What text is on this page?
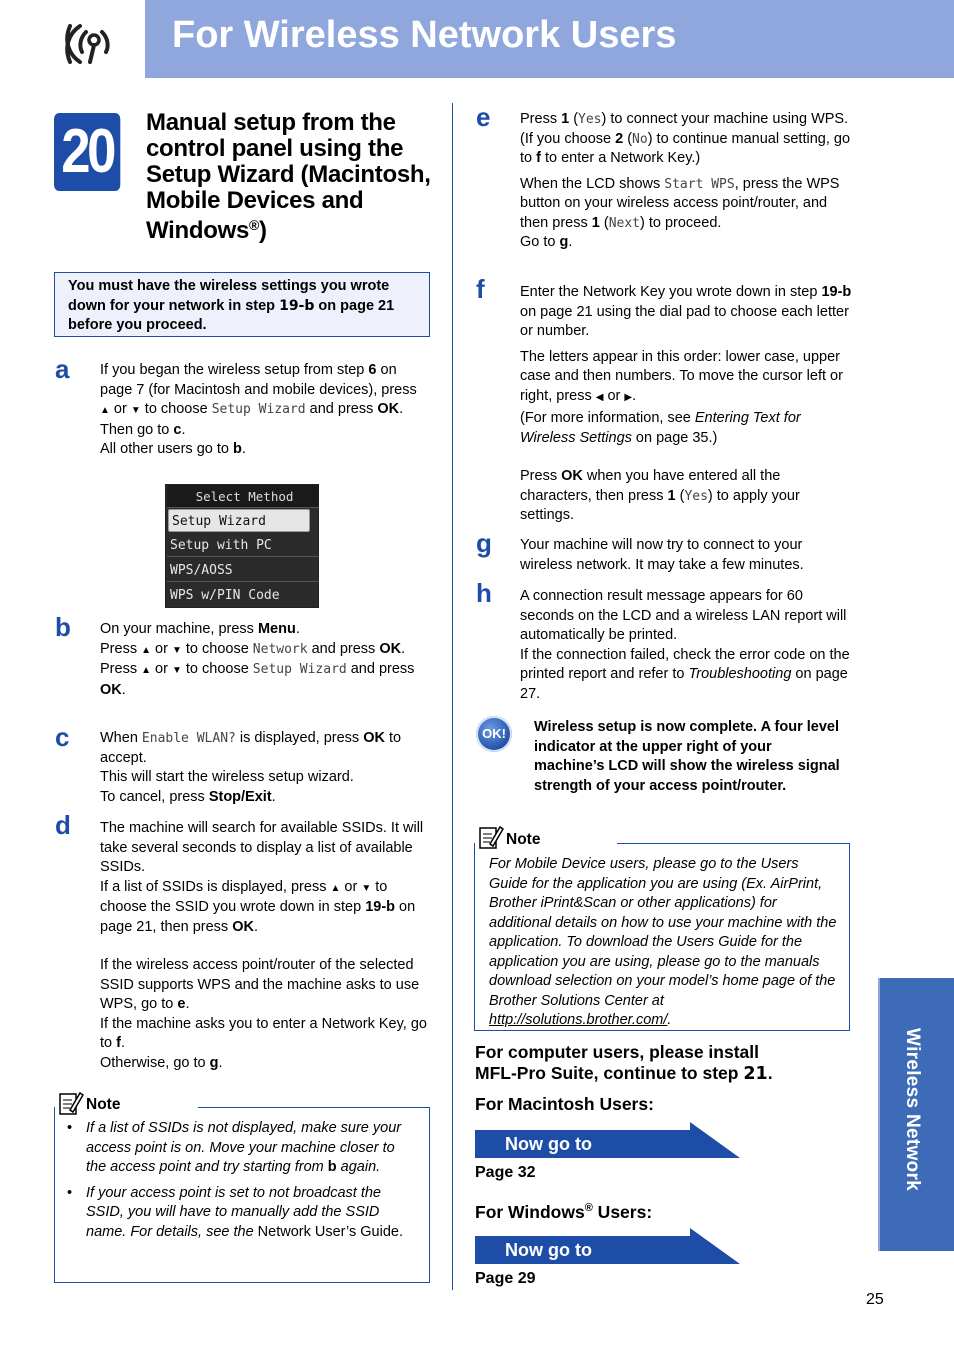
For Wireless Network Users
20	Manual setup from the
control panel using the
Setup Wizard (Macintosh,
Mobile Devices and
Windows®)
You must have the wireless settings you wrote down for your network in step 19-b on page 21 before you proceed.
a If you began the wireless setup from step 6 on page 7 (for Macintosh and mobile devices), press ▲ or ▼ to choose Setup Wizard and press OK.

Then go to c.

All other users go to b.

Select Method
Setup Wizard
Setup with PC
WPS/AOSS
WPS w/PIN Code
b On your machine, press Menu.

Press ▲ or ▼ to choose Network and press OK.

Press ▲ or ▼ to choose Setup Wizard and press OK.

c When Enable WLAN? is displayed, press OK to accept.

This will start the wireless setup wizard.

To cancel, press Stop/Exit.

d The machine will search for available SSIDs. It will take several seconds to display a list of available SSIDs.

If a list of SSIDs is displayed, press ▲ or ▼ to choose the SSID you wrote down in step 19-b on page 21, then press OK.

If the wireless access point/router of the selected SSID supports WPS and the machine asks to use WPS, go to e.

If the machine asks you to enter a Network Key, go to f.

Otherwise, go to g.

Note
• If a list of SSIDs is not displayed, make sure your access point is on. Move your machine closer to the access point and try starting from b again.
• If your access point is set to not broadcast the SSID, you will have to manually add the SSID name. For details, see the Network User’s Guide.
e Press 1 (Yes) to connect your machine using WPS. (If you choose 2 (No) to continue manual setting, go to f to enter a Network Key.)

When the LCD shows Start WPS, press the WPS button on your wireless access point/router, and then press 1 (Next) to proceed.

Go to g.

f Enter the Network Key you wrote down in step 19-b on page 21 using the dial pad to choose each letter or number.

The letters appear in this order: lower case, upper case and then numbers. To move the cursor left or right, press ◀ or ▶.

(For more information, see Entering Text for Wireless Settings on page 35.)

Press OK when you have entered all the characters, then press 1 (Yes) to apply your settings.

g Your machine will now try to connect to your wireless network. It may take a few minutes.
h A connection result message appears for 60 seconds on the LCD and a wireless LAN report will automatically be printed.

If the connection failed, check the error code on the printed report and refer to Troubleshooting on page 27.

OK!	Wireless setup is now complete. A four level indicator at the upper right of your machine’s LCD will show the wireless signal strength of your access point/router.
Note
For Mobile Device users, please go to the Users Guide for the application you are using (Ex. AirPrint, Brother iPrint&Scan or other applications) for additional details on how to use your machine with the application. To download the Users Guide for the application you are using, please go to the manuals download selection on your model’s home page of the Brother Solutions Center at http://solutions.brother.com/.
For computer users, please install
MFL-Pro Suite, continue to step 21.
For Macintosh Users:
Now go to
Page 32
For Windows® Users:
Now go to
Page 29
Wireless Network
25
